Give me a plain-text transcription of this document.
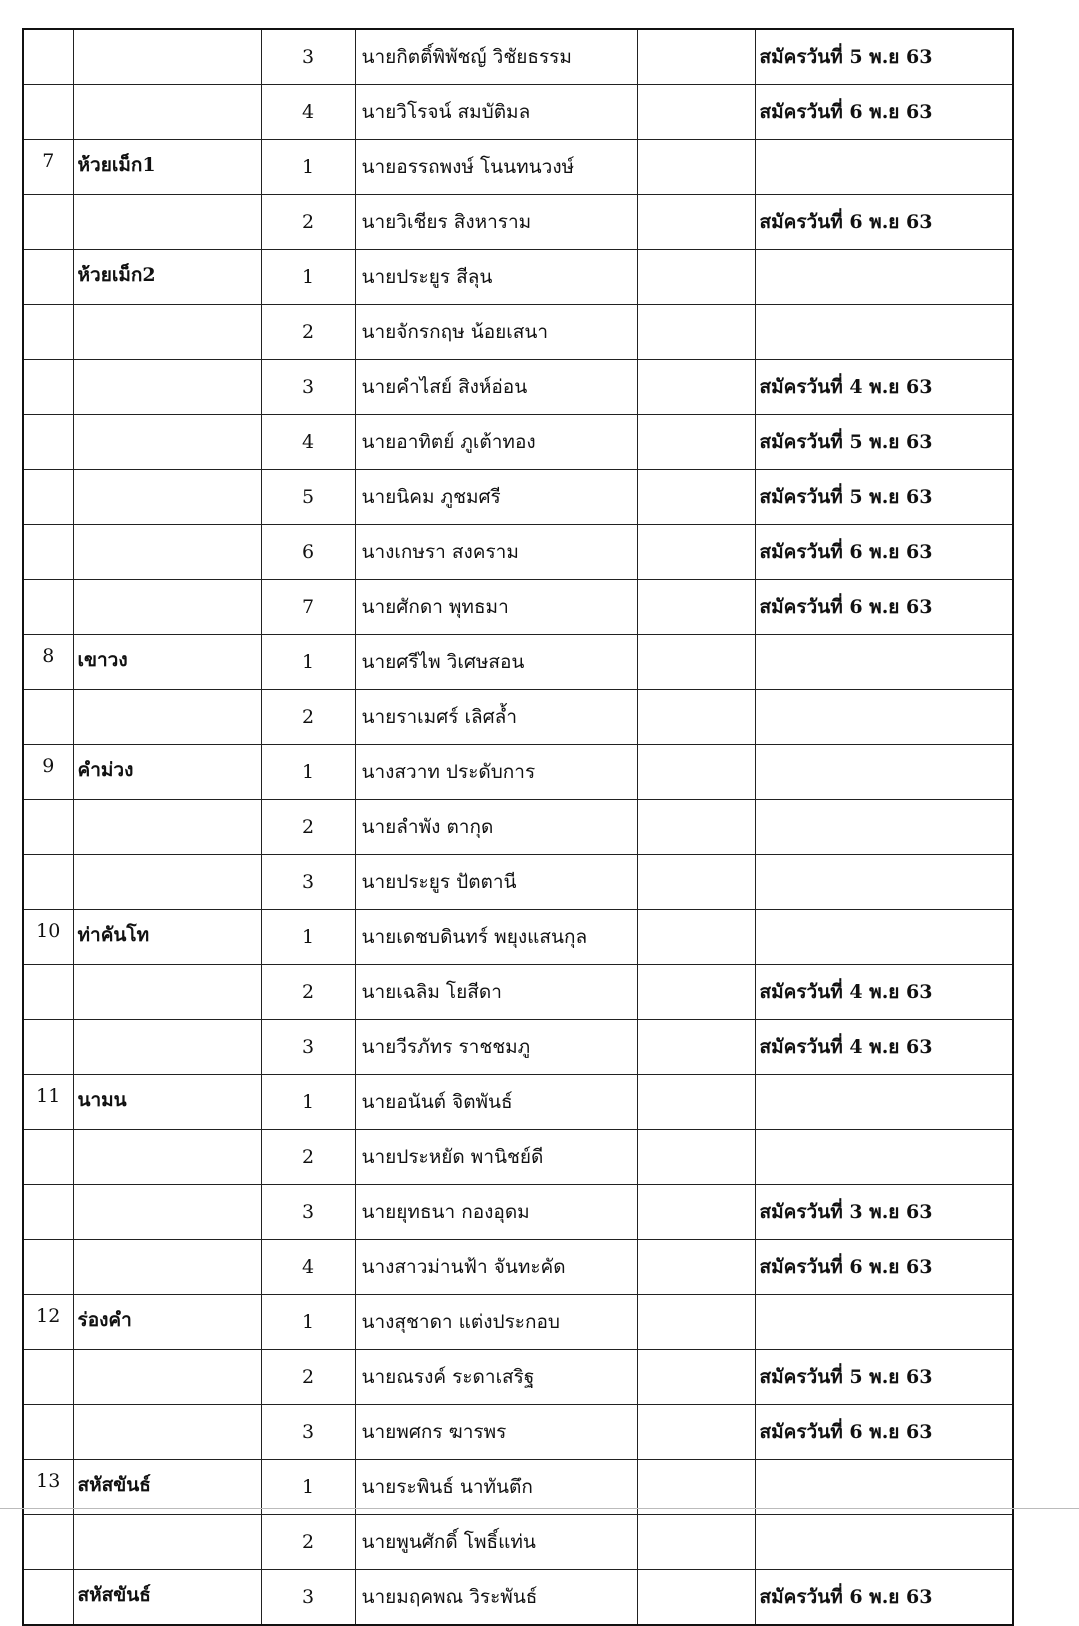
		3	นายกิตติ์พิพัชญ์ วิชัยธรรม		สมัครวันที่ 5 พ.ย 63
		4	นายวิโรจน์ สมบัติมล		สมัครวันที่ 6 พ.ย 63
7	ห้วยเม็ก1	1	นายอรรถพงษ์ โนนทนวงษ์		
		2	นายวิเชียร สิงหาราม		สมัครวันที่ 6 พ.ย 63
	ห้วยเม็ก2	1	นายประยูร สีลุน		
		2	นายจักรกฤษ น้อยเสนา		
		3	นายคำไสย์ สิงห์อ่อน		สมัครวันที่ 4 พ.ย 63
		4	นายอาทิตย์ ภูเต้าทอง		สมัครวันที่ 5 พ.ย 63
		5	นายนิคม ภูชมศรี		สมัครวันที่ 5 พ.ย 63
		6	นางเกษรา สงคราม		สมัครวันที่ 6 พ.ย 63
		7	นายศักดา พุทธมา		สมัครวันที่ 6 พ.ย 63
8	เขาวง	1	นายศรีไพ วิเศษสอน		
		2	นายราเมศร์ เลิศล้ำ		
9	คำม่วง	1	นางสวาท ประดับการ		
		2	นายลำพัง ตากุด		
		3	นายประยูร ปัตตานี		
10	ท่าคันโท	1	นายเดชบดินทร์ พยุงแสนกุล		
		2	นายเฉลิม โยสีดา		สมัครวันที่ 4 พ.ย 63
		3	นายวีรภัทร ราชชมภู		สมัครวันที่ 4 พ.ย 63
11	นามน	1	นายอนันต์ จิตพันธ์		
		2	นายประหยัด พานิชย์ดี		
		3	นายยุทธนา กองอุดม		สมัครวันที่ 3 พ.ย 63
		4	นางสาวม่านฟ้า จันทะคัด		สมัครวันที่ 6 พ.ย 63
12	ร่องคำ	1	นางสุชาดา แต่งประกอบ		
		2	นายณรงค์ ระดาเสริฐ		สมัครวันที่ 5 พ.ย 63
		3	นายพศกร ฆารพร		สมัครวันที่ 6 พ.ย 63
13	สหัสขันธ์	1	นายระพินธ์ นาทันตึก		
		2	นายพูนศักดิ์ โพธิ์แท่น		
	สหัสขันธ์	3	นายมฤคพณ วิระพันธ์		สมัครวันที่ 6 พ.ย 63
